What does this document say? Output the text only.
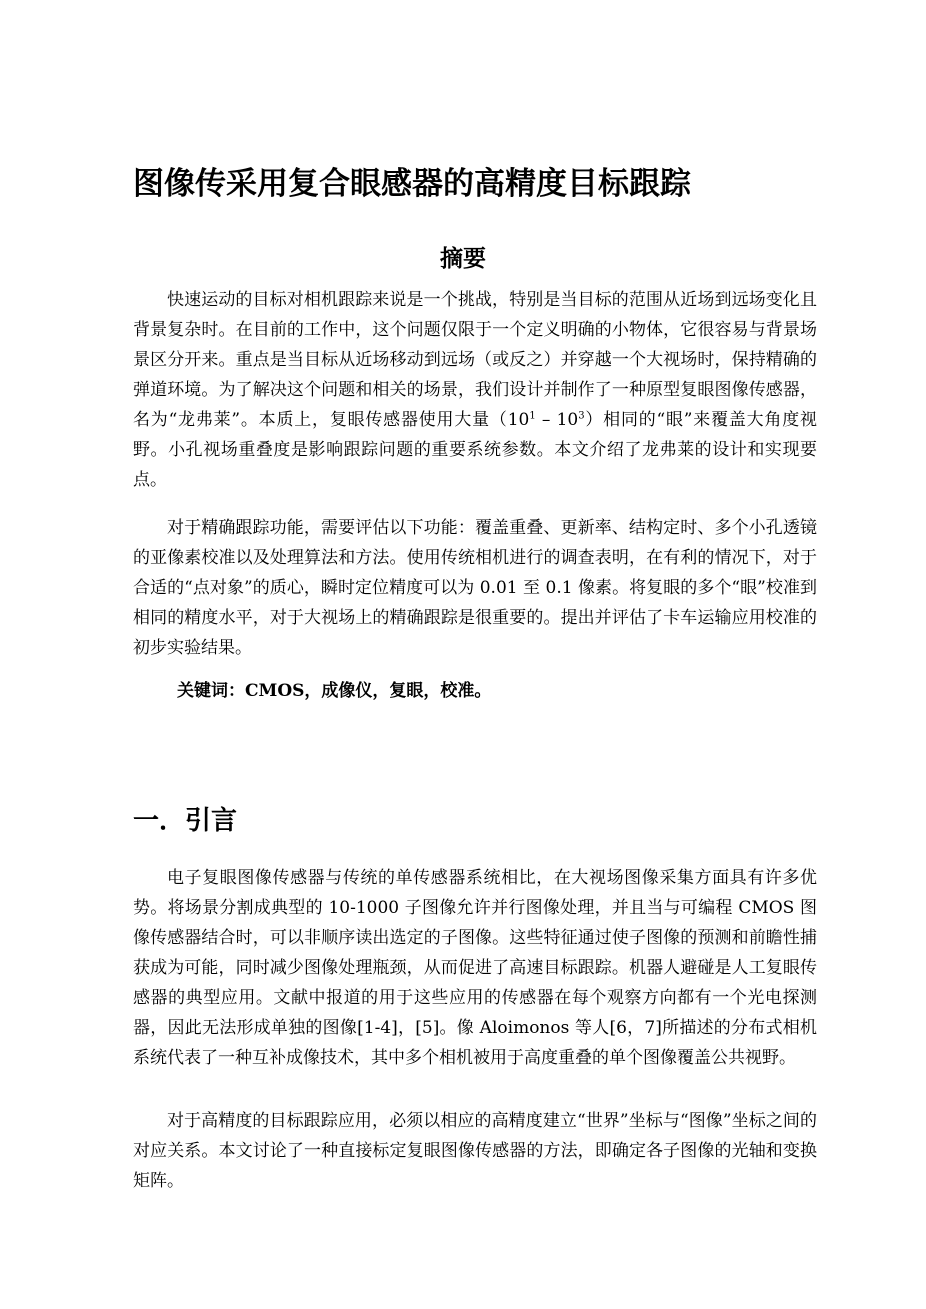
图像传采用复合眼感器的高精度目标跟踪
摘要

快速运动的目标对相机跟踪来说是一个挑战，特别是当目标的范围从近场到远场变化且背景复杂时。在目前的工作中，这个问题仅限于一个定义明确的小物体，它很容易与背景场景区分开来。重点是当目标从近场移动到远场（或反之）并穿越一个大视场时，保持精确的弹道环境。为了解决这个问题和相关的场景，我们设计并制作了一种原型复眼图像传感器，名为“龙弗莱”。本质上，复眼传感器使用大量$(10^1 - 10^3)$相同的“眼”来覆盖大角度视野。小孔视场重叠度是影响跟踪问题的重要系统参数。本文介绍了龙弗莱的设计和实现要点。

对于精确跟踪功能，需要评估以下功能：覆盖重叠、更新率、结构定时、多个小孔透镜的亚像素校准以及处理算法和方法。使用传统相机进行的调查表明，在有利的情况下，对于合适的“点对象”的质心，瞬时定位精度可以为 0.01 至 0.1 像素。将复眼的多个“眼”校准到相同的精度水平，对于大视场上的精确跟踪是很重要的。提出并评估了卡车运输应用校准的初步实验结果。

关键词：CMOS，成像仪，复眼，校准。
一．引言

电子复眼图像传感器与传统的单传感器系统相比，在大视场图像采集方面具有许多优势。将场景分割成典型的 10-1000 子图像允许并行图像处理，并且当与可编程 CMOS 图像传感器结合时，可以非顺序读出选定的子图像。这些特征通过使子图像的预测和前瞻性捕获成为可能，同时减少图像处理瓶颈，从而促进了高速目标跟踪。机器人避碰是人工复眼传感器的典型应用。文献中报道的用于这些应用的传感器在每个观察方向都有一个光电探测器，因此无法形成单独的图像[1-4]，[5]。像 Aloimonos 等人[6，7]所描述的分布式相机系统代表了一种互补成像技术，其中多个相机被用于高度重叠的单个图像覆盖公共视野。

对于高精度的目标跟踪应用，必须以相应的高精度建立“世界”坐标与“图像”坐标之间的对应关系。本文讨论了一种直接标定复眼图像传感器的方法，即确定各子图像的光轴和变换矩阵。
